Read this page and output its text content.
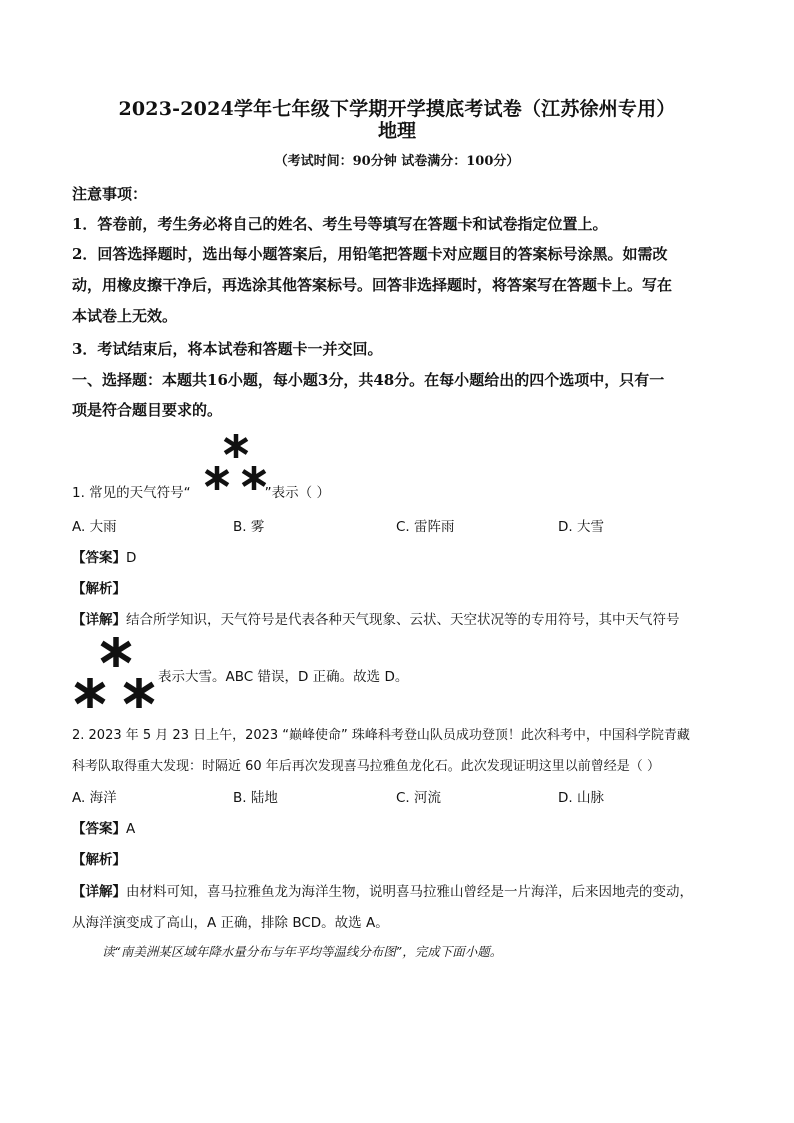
2023-2024学年七年级下学期开学摸底考试卷（江苏徐州专用）
地理
（考试时间：90分钟 试卷满分：100分）
注意事项：
1．答卷前，考生务必将自己的姓名、考生号等填写在答题卡和试卷指定位置上。
2．回答选择题时，选出每小题答案后，用铅笔把答题卡对应题目的答案标号涂黑。如需改
动，用橡皮擦干净后，再选涂其他答案标号。回答非选择题时，将答案写在答题卡上。写在
本试卷上无效。
3．考试结束后，将本试卷和答题卡一并交回。
一、选择题：本题共16小题，每小题3分，共48分。在每小题给出的四个选项中，只有一
项是符合题目要求的。
1. 常见的天气符号“	”表示（ ）
A. 大雨	B. 雾	C. 雷阵雨	D. 大雪
【答案】D
【解析】
【详解】结合所学知识，天气符号是代表各种天气现象、云状、天空状况等的专用符号，其中天气符号
表示大雪。ABC 错误，D 正确。故选 D。
2. 2023 年 5 月 23 日上午，2023 “巅峰使命” 珠峰科考登山队员成功登顶！此次科考中，中国科学院青藏
科考队取得重大发现：时隔近 60 年后再次发现喜马拉雅鱼龙化石。此次发现证明这里以前曾经是（ ）
A. 海洋	B. 陆地	C. 河流	D. 山脉
【答案】A
【解析】
【详解】由材料可知，喜马拉雅鱼龙为海洋生物，说明喜马拉雅山曾经是一片海洋，后来因地壳的变动，
从海洋演变成了高山，A 正确，排除 BCD。故选 A。
读“南美洲某区域年降水量分布与年平均等温线分布图”，完成下面小题。
